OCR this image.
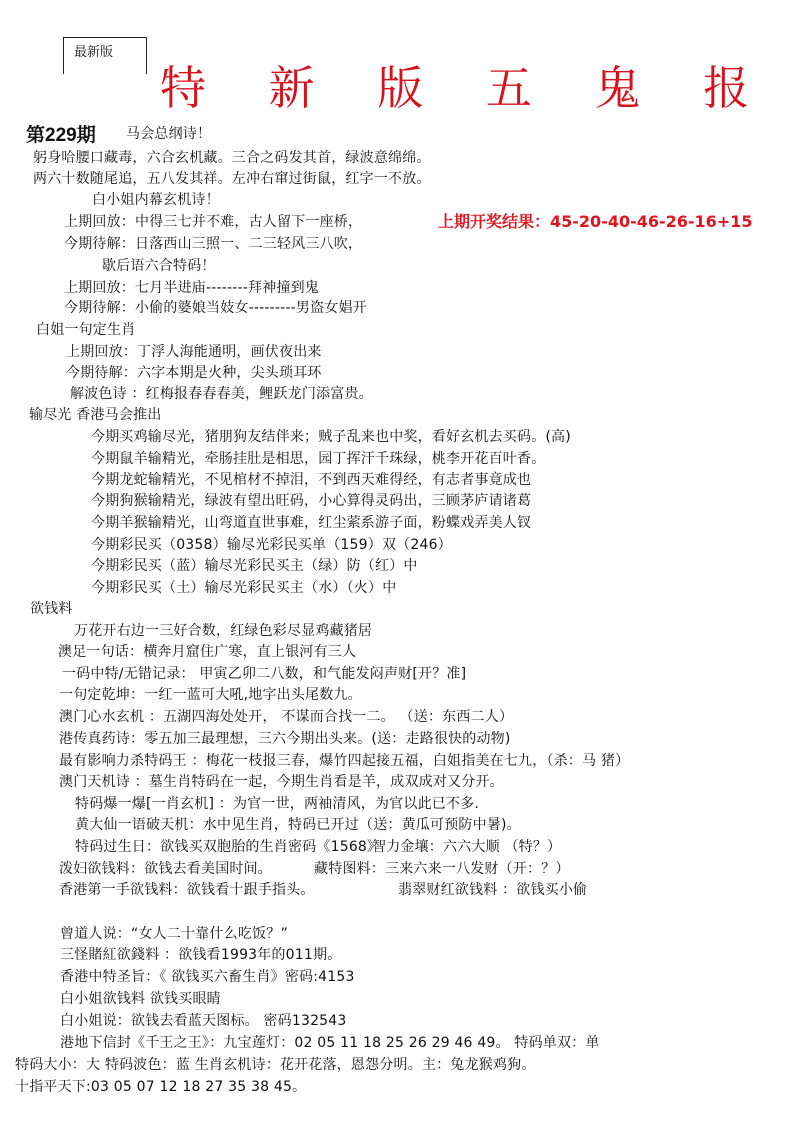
最新版
特 新 版 五 鬼 报
第229期 马会总纲诗！
上期开奖结果：45-20-40-46-26-16+15
躬身哈腰口藏毒，六合玄机藏。三合之码发其首，绿波意绵绵。
两六十数随尾追，五八发其祥。左冲右窜过街鼠，红字一不放。
白小姐内幕玄机诗！
上期回放：中得三七并不难，古人留下一座桥，
今期待解：日落西山三照一、二三轻风三八吹，
歇后语六合特码！
上期回放：七月半进庙--------拜神撞到鬼
今期待解：小偷的婆娘当妓女---------男盗女娼开
白姐一句定生肖
上期回放：丁浮人海能通明，画伏夜出来
今期待解：六字本期是火种，尖头琐耳环
解波色诗 ：红梅报春春春美，鲤跃龙门添富贵。
输尽光 香港马会推出
今期买鸡输尽光，猪朋狗友结伴来；贼子乱来也中奖，看好玄机去买码。(高)
今期鼠羊输精光，牵肠挂肚是相思，园丁挥汗千珠绿，桃李开花百叶香。
今期龙蛇输精光，不见棺材不掉泪，不到西天难得经，有志者事竟成也
今期狗猴输精光，绿波有望出旺码，小心算得灵码出，三顾茅庐请诸葛
今期羊猴输精光，山弯道直世事难，红尘萦系游子面，粉蝶戏弄美人钗
今期彩民买（0358）输尽光彩民买单（159）双（246）
今期彩民买（蓝）输尽光彩民买主（绿）防（红）中
今期彩民买（土）输尽光彩民买主（水）（火）中
欲钱料
万花开右边一三好合数，红绿色彩尽显鸡藏猪居
澳足一句话：横奔月窟住广寒，直上银河有三人
一码中特/无错记录： 甲寅乙卯二八数，和气能发闷声财[开？准]
一句定乾坤：一红一蓝可大吼,地字出头尾数九。
澳门心水玄机 ：五湖四海处处开， 不谋而合找一二。 （送：东西二人）
港传真药诗：零五加三最理想，三六今期出头来。(送：走路很快的动物)
最有影响力杀特码王 ：梅花一枝报三春，爆竹四起接五福，白姐指美在七九，（杀：马 猪）
澳门天机诗 ：墓生肖特码在一起，今期生肖看是羊，成双成对又分开。
特码爆一爆[一肖玄机] ：为官一世，两袖清风，为官以此已不多.
黄大仙一语破天机：水中见生肖，特码已开过（送：黄瓜可预防中暑)。
特码过生日：欲钱买双胞胎的生肖密码《1568》
智力金壤：六六大顺 （特？）
泼妇欲钱料：欲钱去看美国时间。	藏特图料：三来六来一八发财（开：？）
香港第一手欲钱料：欲钱看十跟手指头。	翡翠财红欲钱料 ：欲钱买小偷
曾道人说：“女人二十靠什么吃饭？”
三怪賭紅欲錢料 ：欲钱看1993年的011期。
香港中特圣旨：《 欲钱买六畜生肖》密码:4153
白小姐欲钱料 欲钱买眼睛
白小姐说：欲钱去看蓝天图标。 密码132543
港地下信封《千王之王》：九宝莲灯：02 05 11 18 25 26 29 46 49。 特码单双：单
特码大小：大 特码波色：蓝 生肖玄机诗：花开花落，恩怨分明。主：兔龙猴鸡狗。
十指平天下:03 05 07 12 18 27 35 38 45。
